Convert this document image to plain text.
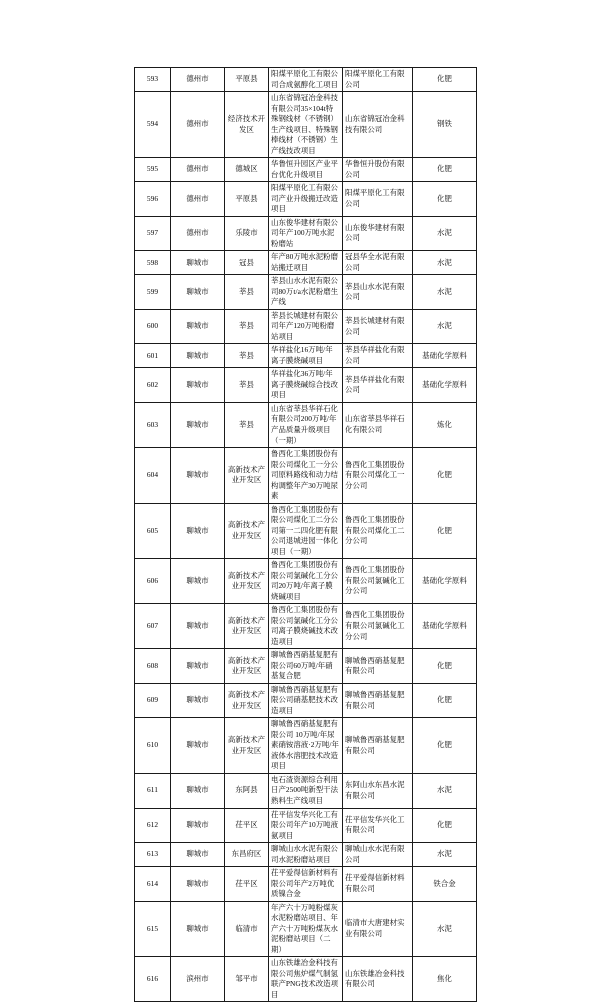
593	德州市	平原县	阳煤平原化工有限公司合成氨醇化工项目	阳煤平原化工有限公司	化肥
594	德州市	经济技术开发区	山东省锦冠冶金科技有限公司35×104t特殊钢线材（不锈钢）生产线项目、特殊钢棒线材（不锈钢）生产线技改项目	山东省锦冠冶金科技有限公司	钢铁
595	德州市	德城区	华鲁恒升园区产业平台优化升级项目	华鲁恒升股份有限公司	化肥
596	德州市	平原县	阳煤平原化工有限公司产业升级搬迁改造项目	阳煤平原化工有限公司	化肥
597	德州市	乐陵市	山东俊华建材有限公司年产100万吨水泥粉磨站	山东俊华建材有限公司	水泥
598	聊城市	冠县	年产80万吨水泥粉磨站搬迁项目	冠县华全水泥有限公司	水泥
599	聊城市	莘县	莘县山水水泥有限公司80万t/a水泥粉磨生产线	莘县山水水泥有限公司	水泥
600	聊城市	莘县	莘县长城建材有限公司年产120万吨粉磨站项目	莘县长城建材有限公司	水泥
601	聊城市	莘县	华祥盐化16万吨/年离子膜烧碱项目	莘县华祥盐化有限公司	基础化学原料
602	聊城市	莘县	华祥盐化36万吨/年离子膜烧碱综合技改项目	莘县华祥盐化有限公司	基础化学原料
603	聊城市	莘县	山东省莘县华祥石化有限公司200万吨/年产品质量升级项目（一期）	山东省莘县华祥石化有限公司	炼化
604	聊城市	高新技术产业开发区	鲁西化工集团股份有限公司煤化工一分公司原料路线和动力结构调整年产30万吨尿素	鲁西化工集团股份有限公司煤化工一分公司	化肥
605	聊城市	高新技术产业开发区	鲁西化工集团股份有限公司煤化工二分公司第一二四化肥有限公司退城进园一体化项目（一期）	鲁西化工集团股份有限公司煤化工二分公司	化肥
606	聊城市	高新技术产业开发区	鲁西化工集团股份有限公司氯碱化工分公司20万吨/年离子膜烧碱项目	鲁西化工集团股份有限公司氯碱化工分公司	基础化学原料
607	聊城市	高新技术产业开发区	鲁西化工集团股份有限公司氯碱化工分公司离子膜烧碱技术改造项目	鲁西化工集团股份有限公司氯碱化工分公司	基础化学原料
608	聊城市	高新技术产业开发区	聊城鲁西硝基复肥有限公司60万吨/年硝基复合肥	聊城鲁西硝基复肥有限公司	化肥
609	聊城市	高新技术产业开发区	聊城鲁西硝基复肥有限公司硝基肥技术改造项目	聊城鲁西硝基复肥有限公司	化肥
610	聊城市	高新技术产业开发区	聊城鲁西硝基复肥有限公司 10万吨/年尿素硝铵溶液·2万吨/年液体水溶肥技术改造项目	聊城鲁西硝基复肥有限公司	化肥
611	聊城市	东阿县	电石渣资源综合利用日产2500吨新型干法熟料生产线项目	东阿山水东昌水泥有限公司	水泥
612	聊城市	茌平区	茌平信发华兴化工有限公司年产10万吨液氨项目	茌平信发华兴化工有限公司	化肥
613	聊城市	东昌府区	聊城山水水泥有限公司水泥粉磨站项目	聊城山水水泥有限公司	水泥
614	聊城市	茌平区	茌平爱得信新材料有限公司年产2万吨优质镍合金	茌平爱得信新材料有限公司	铁合金
615	聊城市	临清市	年产六十万吨粉煤灰水泥粉磨站项目、年产六十万吨粉煤灰水泥粉磨站项目（二期）	临清市大唐建材实业有限公司	水泥
616	滨州市	邹平市	山东铁雄冶金科技有限公司焦炉煤气制氢联产PNG技术改造项目	山东铁雄冶金科技有限公司	焦化
